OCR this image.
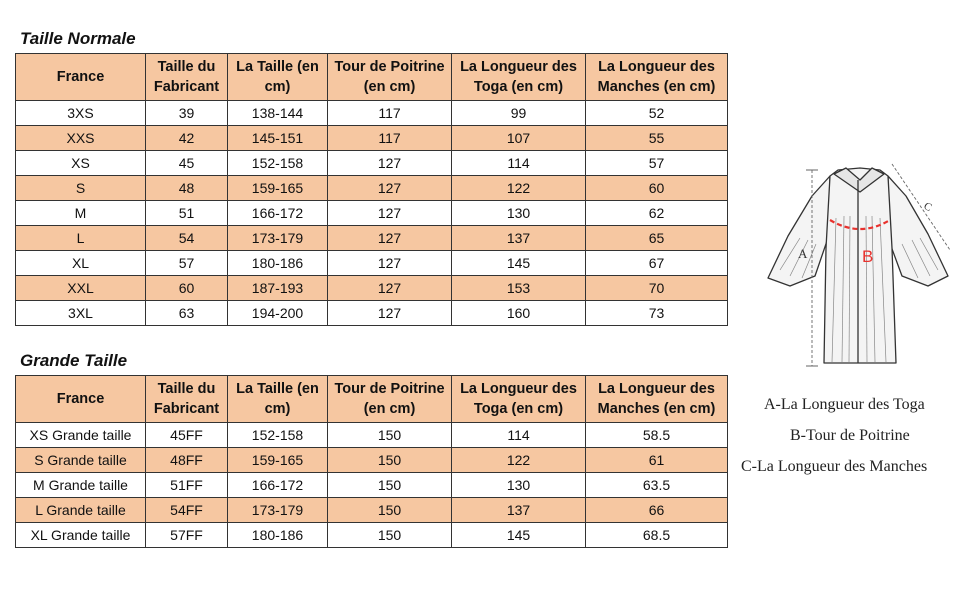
Taille Normale
France	Taille du Fabricant	La Taille (en cm)	Tour de Poitrine (en cm)	La Longueur des Toga (en cm)	La Longueur des Manches (en cm)
3XS	39	138-144	117	99	52
XXS	42	145-151	117	107	55
XS	45	152-158	127	114	57
S	48	159-165	127	122	60
M	51	166-172	127	130	62
L	54	173-179	127	137	65
XL	57	180-186	127	145	67
XXL	60	187-193	127	153	70
3XL	63	194-200	127	160	73
Grande Taille
France	Taille du Fabricant	La Taille (en cm)	Tour de Poitrine (en cm)	La Longueur des Toga (en cm)	La Longueur des Manches (en cm)
XS Grande taille	45FF	152-158	150	114	58.5
S Grande taille	48FF	159-165	150	122	61
M Grande taille	51FF	166-172	150	130	63.5
L Grande taille	54FF	173-179	150	137	66
XL Grande taille	57FF	180-186	150	145	68.5
A	B
C
A-La Longueur des Toga
B-Tour de Poitrine
C-La Longueur des Manches
